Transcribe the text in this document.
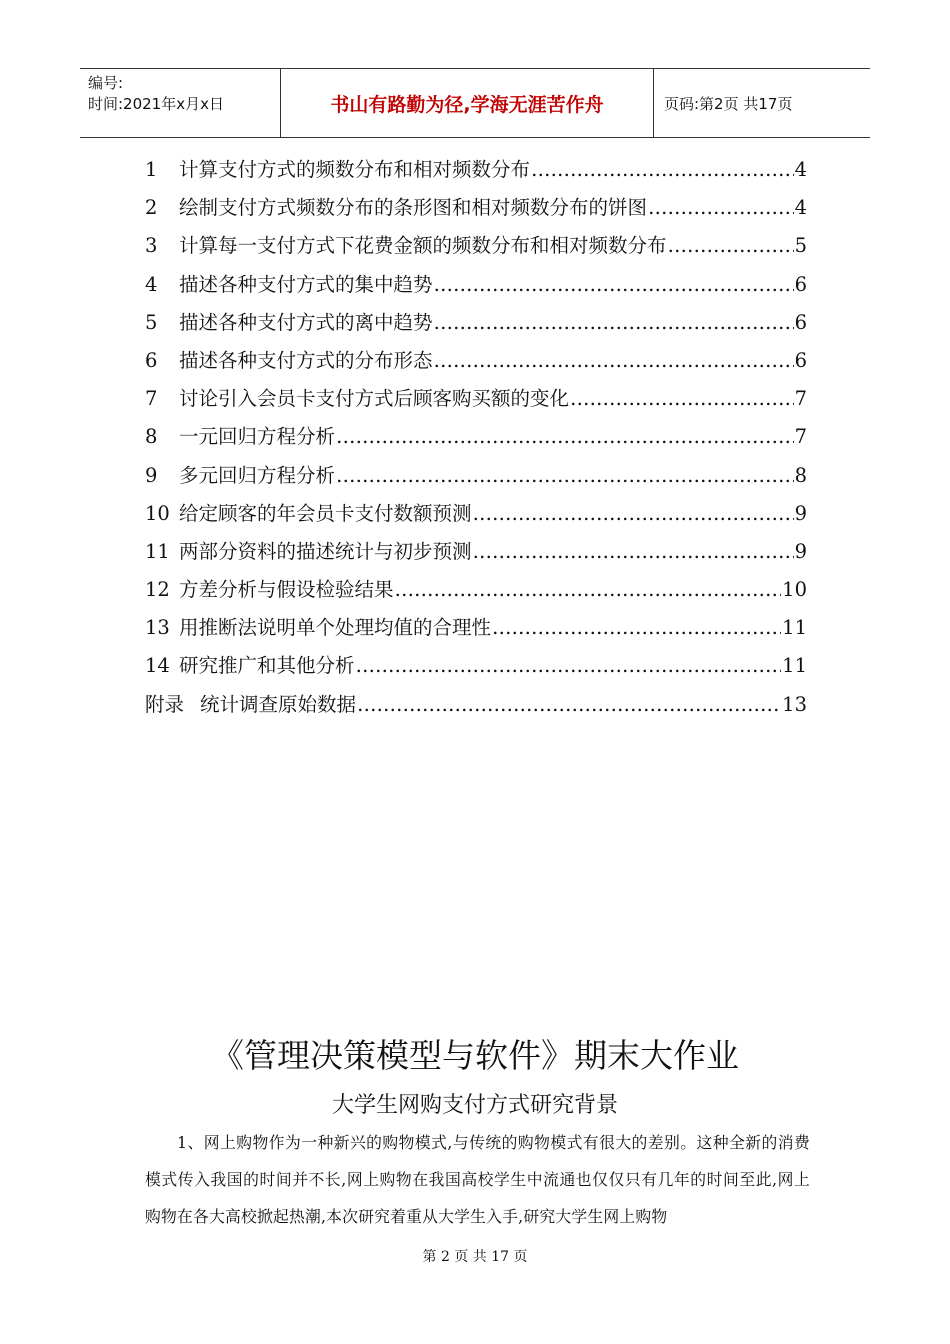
编号:
时间:2021年x月x日	书山有路勤为径,学海无涯苦作舟	页码:第2页 共17页
1	计算支付方式的频数分布和相对频数分布 ……………………………………………………………………………………………………………………………………	4
2	绘制支付方式频数分布的条形图和相对频数分布的饼图 ……………………………………………………………………………………………………………………………………	4
3	计算每一支付方式下花费金额的频数分布和相对频数分布 ……………………………………………………………………………………………………………………………………	5
4	描述各种支付方式的集中趋势 ……………………………………………………………………………………………………………………………………	6
5	描述各种支付方式的离中趋势 ……………………………………………………………………………………………………………………………………	6
6	描述各种支付方式的分布形态 ……………………………………………………………………………………………………………………………………	6
7	讨论引入会员卡支付方式后顾客购买额的变化 ……………………………………………………………………………………………………………………………………	7
8	一元回归方程分析 ……………………………………………………………………………………………………………………………………	7
9	多元回归方程分析 ……………………………………………………………………………………………………………………………………	8
10 给定顾客的年会员卡支付数额预测 ……………………………………………………………………………………………………………………………………	9
11 两部分资料的描述统计与初步预测 ……………………………………………………………………………………………………………………………………	9
12 方差分析与假设检验结果 ……………………………………………………………………………………………………………………………………	10
13 用推断法说明单个处理均值的合理性 ……………………………………………………………………………………………………………………………………	11
14 研究推广和其他分析 ……………………………………………………………………………………………………………………………………	11
附录 统计调查原始数据 ……………………………………………………………………………………………………………………………………	13
《管理决策模型与软件》期末大作业
大学生网购支付方式研究背景
1、网上购物作为一种新兴的购物模式,与传统的购物模式有很大的差别。这种全新的消费模式传入我国的时间并不长,网上购物在我国高校学生中流通也仅仅只有几年的时间至此,网上购物在各大高校掀起热潮,本次研究着重从大学生入手,研究大学生网上购物
第 2 页 共 17 页
